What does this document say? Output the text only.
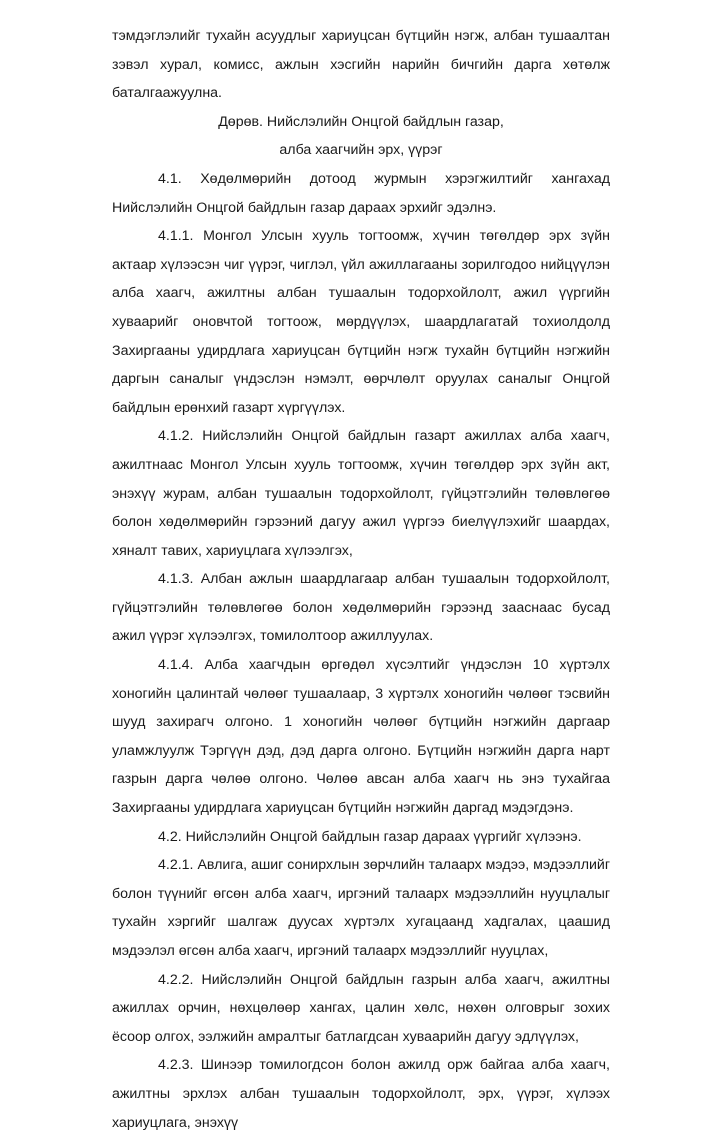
тэмдэглэлийг тухайн асуудлыг хариуцсан бүтцийн нэгж, албан тушаалтан зэвэл хурал, комисс, ажлын хэсгийн нарийн бичгийн дарга хөтөлж баталгаажуулна.

Дөрөв. Нийслэлийн Онцгой байдлын газар,

алба хаагчийн эрх, үүрэг

4.1. Хөдөлмөрийн дотоод журмын хэрэгжилтийг хангахад Нийслэлийн Онцгой байдлын газар дараах эрхийг эдэлнэ.

4.1.1. Монгол Улсын хууль тогтоомж, хүчин төгөлдөр эрх зүйн актаар хүлээсэн чиг үүрэг, чиглэл, үйл ажиллагааны зорилгодоо нийцүүлэн алба хаагч, ажилтны албан тушаалын тодорхойлолт, ажил үүргийн хуваарийг оновчтой тогтоож, мөрдүүлэх, шаардлагатай тохиолдолд Захиргааны удирдлага хариуцсан бүтцийн нэгж тухайн бүтцийн нэгжийн даргын саналыг үндэслэн нэмэлт, өөрчлөлт оруулах саналыг Онцгой байдлын ерөнхий газарт хүргүүлэх.

4.1.2. Нийслэлийн Онцгой байдлын газарт ажиллах алба хаагч, ажилтнаас Монгол Улсын хууль тогтоомж, хүчин төгөлдөр эрх зүйн акт, энэхүү журам, албан тушаалын тодорхойлолт, гүйцэтгэлийн төлөвлөгөө болон хөдөлмөрийн гэрээний дагуу ажил үүргээ биелүүлэхийг шаардах, хяналт тавих, хариуцлага хүлээлгэх,

4.1.3. Албан ажлын шаардлагаар албан тушаалын тодорхойлолт, гүйцэтгэлийн төлөвлөгөө болон хөдөлмөрийн гэрээнд зааснаас бусад ажил үүрэг хүлээлгэх, томилолтоор ажиллуулах.

4.1.4. Алба хаагчдын өргөдөл хүсэлтийг үндэслэн 10 хүртэлх хоногийн цалинтай чөлөөг тушаалаар, 3 хүртэлх хоногийн чөлөөг тэсвийн шууд захирагч олгоно. 1 хоногийн чөлөөг бүтцийн нэгжийн даргаар уламжлуулж Тэргүүн дэд, дэд дарга олгоно. Бүтцийн нэгжийн дарга нарт газрын дарга чөлөө олгоно. Чөлөө авсан алба хаагч нь энэ тухайгаа Захиргааны удирдлага хариуцсан бүтцийн нэгжийн даргад мэдэгдэнэ.

4.2. Нийслэлийн Онцгой байдлын газар дараах үүргийг хүлээнэ.

4.2.1. Авлига, ашиг сонирхлын зөрчлийн талаарх мэдээ, мэдээллийг болон түүнийг өгсөн алба хаагч, иргэний талаарх мэдээллийн нууцлалыг тухайн хэргийг шалгаж дуусах хүртэлх хугацаанд хадгалах, цаашид мэдээлэл өгсөн алба хаагч, иргэний талаарх мэдээллийг нууцлах,

4.2.2. Нийслэлийн Онцгой байдлын газрын алба хаагч, ажилтны ажиллах орчин, нөхцөлөөр хангах, цалин хөлс, нөхөн олговрыг зохих ёсоор олгох, ээлжийн амралтыг батлагдсан хуваарийн дагуу эдлүүлэх,

4.2.3. Шинээр томилогдсон болон ажилд орж байгаа алба хаагч, ажилтны эрхлэх албан тушаалын тодорхойлолт, эрх, үүрэг, хүлээх хариуцлага, энэхүү
